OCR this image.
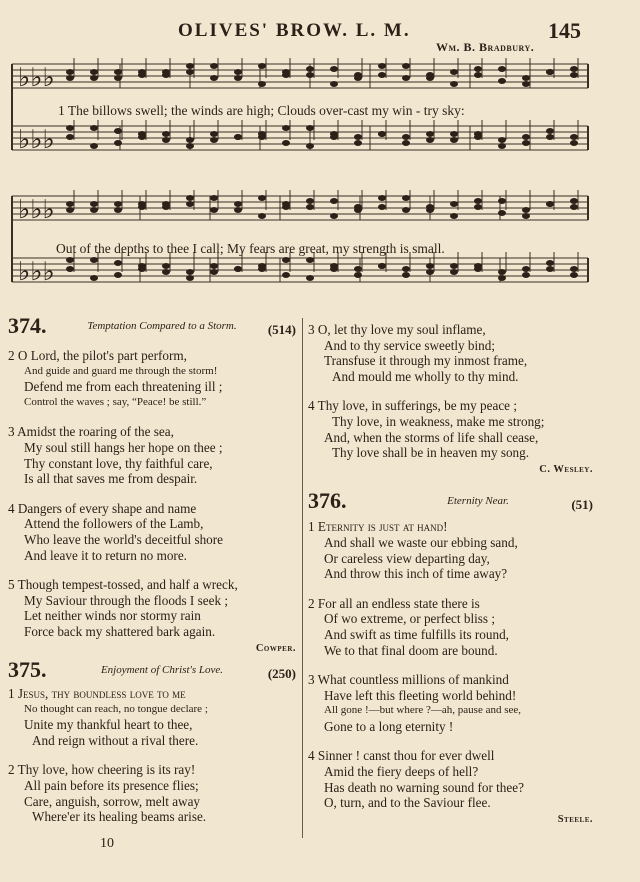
OLIVES' BROW. L. M.	145
Wm. B. Bradbury.
♭♭♭
♭♭♭
1 The billows swell; the winds are high; Clouds over-cast my win - try sky:
♭♭♭
♭♭♭
Out of the depths to thee I call; My fears are great, my strength is small.
374.	Temptation Compared to a Storm.	(514)
2 O Lord, the pilot's part perform,
And guide and guard me through the storm!
Defend me from each threatening ill ;
Control the waves ; say, “Peace! be still.”
3 Amidst the roaring of the sea,
My soul still hangs her hope on thee ;
Thy constant love, thy faithful care,
Is all that saves me from despair.
4 Dangers of every shape and name
Attend the followers of the Lamb,
Who leave the world's deceitful shore
And leave it to return no more.
5 Though tempest-tossed, and half a wreck,
My Saviour through the floods I seek ;
Let neither winds nor stormy rain
Force back my shattered bark again.
Cowper.
375.	Enjoyment of Christ's Love.	(250)
1 Jesus, thy boundless love to me
No thought can reach, no tongue declare ;
Unite my thankful heart to thee,
And reign without a rival there.
2 Thy love, how cheering is its ray!
All pain before its presence flies;
Care, anguish, sorrow, melt away
Where'er its healing beams arise.
3 O, let thy love my soul inflame,
And to thy service sweetly bind;
Transfuse it through my inmost frame,
And mould me wholly to thy mind.
4 Thy love, in sufferings, be my peace ;
Thy love, in weakness, make me strong;
And, when the storms of life shall cease,
Thy love shall be in heaven my song.
C. Wesley.
376.	Eternity Near.	(51)
1 Eternity is just at hand!
And shall we waste our ebbing sand,
Or careless view departing day,
And throw this inch of time away?
2 For all an endless state there is
Of wo extreme, or perfect bliss ;
And swift as time fulfills its round,
We to that final doom are bound.
3 What countless millions of mankind
Have left this fleeting world behind!
All gone !—but where ?—ah, pause and see,
Gone to a long eternity !
4 Sinner ! canst thou for ever dwell
Amid the fiery deeps of hell?
Has death no warning sound for thee?
O, turn, and to the Saviour flee.
Steele.
10
